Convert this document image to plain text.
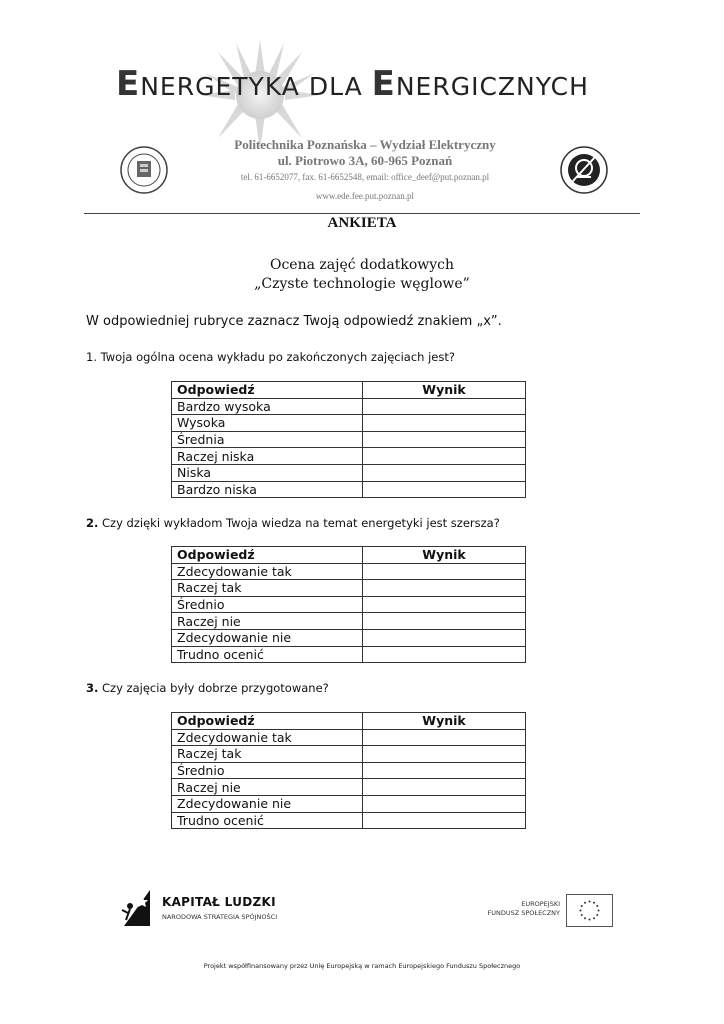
ENERGETYKA DLA ENERGICZNYCH
Politechnika Poznańska – Wydział Elektryczny
ul. Piotrowo 3A, 60-965 Poznań
tel. 61-6652077, fax. 61-6652548, email: office_deef@put.poznan.pl
www.ede.fee.put.poznan.pl
ANKIETA
Ocena zajęć dodatkowych
„Czyste technologie węglowe”
W odpowiedniej rubryce zaznacz Twoją odpowiedź znakiem „x”.
1. Twoja ogólna ocena wykładu po zakończonych zajęciach jest?
Odpowiedź	Wynik
Bardzo wysoka	
Wysoka	
Średnia	
Raczej niska	
Niska	
Bardzo niska	
2. Czy dzięki wykładom Twoja wiedza na temat energetyki jest szersza?
Odpowiedź	Wynik
Zdecydowanie tak	
Raczej tak	
Średnio	
Raczej nie	
Zdecydowanie nie	
Trudno ocenić	
3. Czy zajęcia były dobrze przygotowane?
Odpowiedź	Wynik
Zdecydowanie tak	
Raczej tak	
Średnio	
Raczej nie	
Zdecydowanie nie	
Trudno ocenić	
KAPITAŁ LUDZKI
NARODOWA STRATEGIA SPÓJNOŚCI
EUROPEJSKI
FUNDUSZ SPOŁECZNY
Projekt współfinansowany przez Unię Europejską w ramach Europejskiego Funduszu Społecznego
